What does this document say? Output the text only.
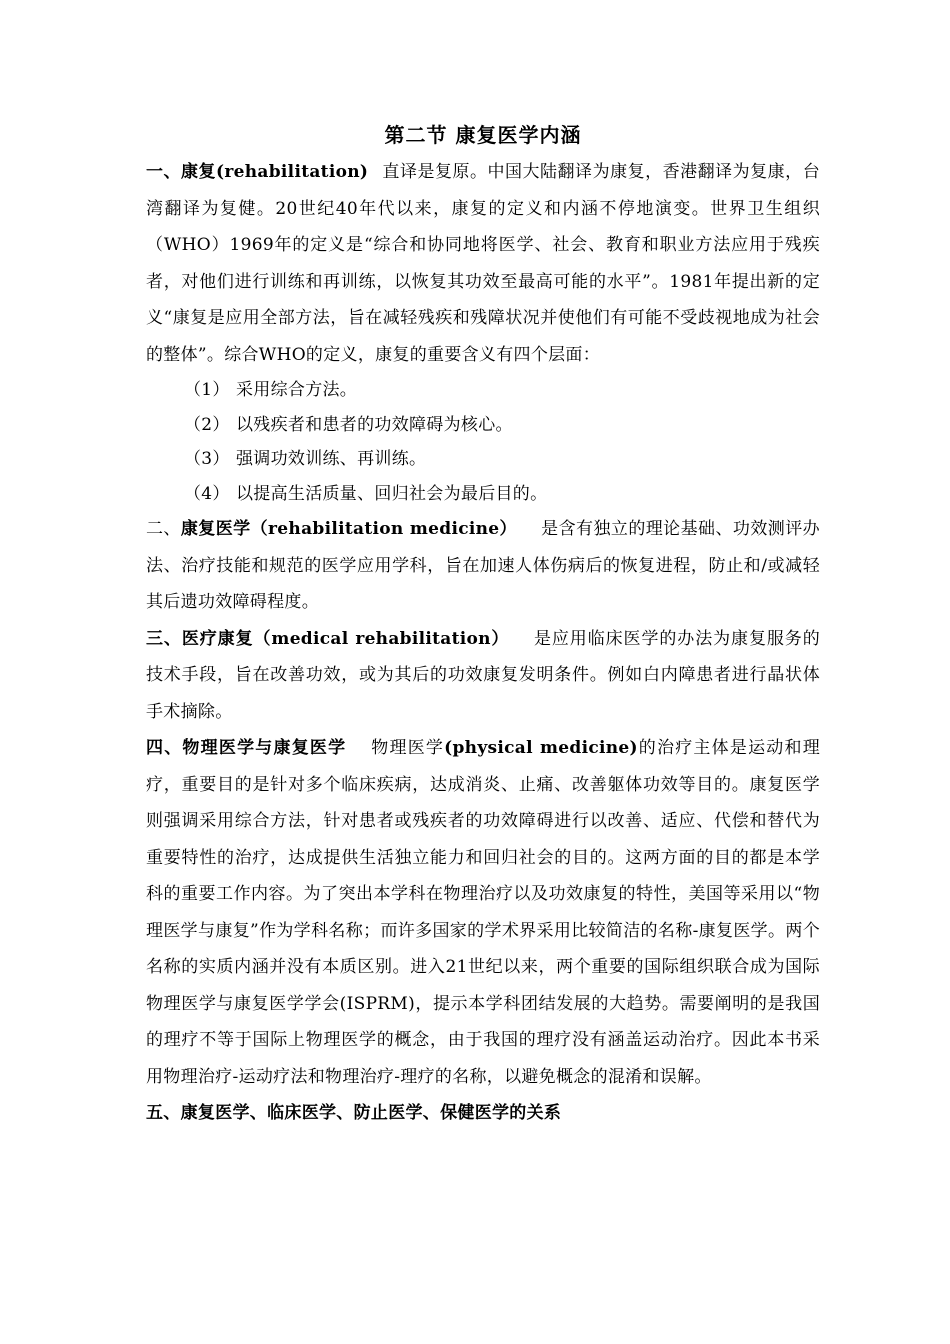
第二节 康复医学内涵

一、康复(rehabilitation) 直译是复原。中国大陆翻译为康复，香港翻译为复康，台湾翻译为复健。20世纪40年代以来，康复的定义和内涵不停地演变。世界卫生组织（WHO）1969年的定义是“综合和协同地将医学、社会、教育和职业方法应用于残疾者，对他们进行训练和再训练，以恢复其功效至最高可能的水平”。1981年提出新的定义“康复是应用全部方法，旨在减轻残疾和残障状况并使他们有可能不受歧视地成为社会的整体”。综合WHO的定义，康复的重要含义有四个层面：

（1） 采用综合方法。

（2） 以残疾者和患者的功效障碍为核心。

（3） 强调功效训练、再训练。

（4） 以提高生活质量、回归社会为最后目的。

二、康复医学（rehabilitation medicine） 是含有独立的理论基础、功效测评办法、治疗技能和规范的医学应用学科，旨在加速人体伤病后的恢复进程，防止和/或减轻其后遗功效障碍程度。

三、医疗康复（medical rehabilitation） 是应用临床医学的办法为康复服务的技术手段，旨在改善功效，或为其后的功效康复发明条件。例如白内障患者进行晶状体手术摘除。

四、物理医学与康复医学 物理医学(physical medicine)的治疗主体是运动和理疗，重要目的是针对多个临床疾病，达成消炎、止痛、改善躯体功效等目的。康复医学则强调采用综合方法，针对患者或残疾者的功效障碍进行以改善、适应、代偿和替代为重要特性的治疗，达成提供生活独立能力和回归社会的目的。这两方面的目的都是本学科的重要工作内容。为了突出本学科在物理治疗以及功效康复的特性，美国等采用以“物理医学与康复”作为学科名称；而许多国家的学术界采用比较简洁的名称-康复医学。两个名称的实质内涵并没有本质区别。进入21世纪以来，两个重要的国际组织联合成为国际物理医学与康复医学学会(ISPRM)，提示本学科团结发展的大趋势。需要阐明的是我国的理疗不等于国际上物理医学的概念，由于我国的理疗没有涵盖运动治疗。因此本书采用物理治疗-运动疗法和物理治疗-理疗的名称，以避免概念的混淆和误解。

五、康复医学、临床医学、防止医学、保健医学的关系
